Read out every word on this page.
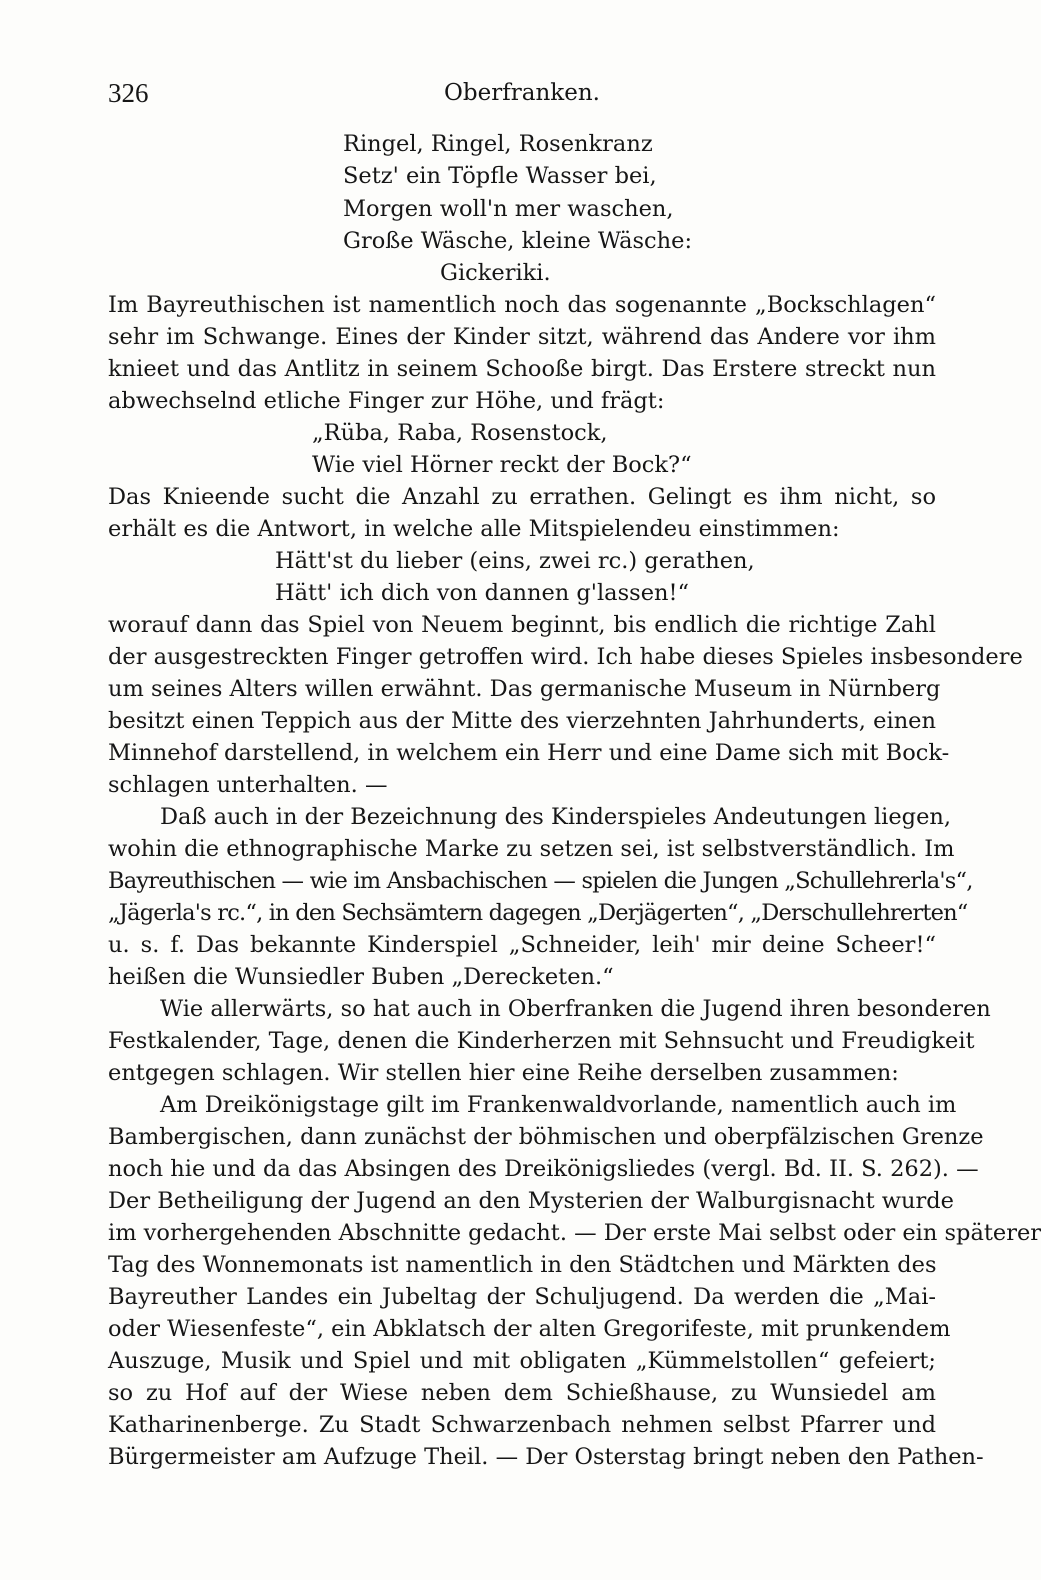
326	Oberfranken.
Ringel, Ringel, Rosenkranz
Setz' ein Töpfle Wasser bei,
Morgen woll'n mer waschen,
Große Wäsche, kleine Wäsche:
Gickeriki.
Im Bayreuthischen ist namentlich noch das sogenannte „Bockschlagen“
sehr im Schwange. Eines der Kinder sitzt, während das Andere vor ihm
knieet und das Antlitz in seinem Schooße birgt. Das Erstere streckt nun
abwechselnd etliche Finger zur Höhe, und frägt:
„Rüba, Raba, Rosenstock,
Wie viel Hörner reckt der Bock?“
Das Knieende sucht die Anzahl zu errathen. Gelingt es ihm nicht, so
erhält es die Antwort, in welche alle Mitspielendeu einstimmen:
Hätt'st du lieber (eins, zwei rc.) gerathen,
Hätt' ich dich von dannen g'lassen!“
worauf dann das Spiel von Neuem beginnt, bis endlich die richtige Zahl
der ausgestreckten Finger getroffen wird. Ich habe dieses Spieles insbesondere
um seines Alters willen erwähnt. Das germanische Museum in Nürnberg
besitzt einen Teppich aus der Mitte des vierzehnten Jahrhunderts, einen
Minnehof darstellend, in welchem ein Herr und eine Dame sich mit Bock-
schlagen unterhalten. —
Daß auch in der Bezeichnung des Kinderspieles Andeutungen liegen,
wohin die ethnographische Marke zu setzen sei, ist selbstverständlich. Im
Bayreuthischen — wie im Ansbachischen — spielen die Jungen „Schullehrerla's“,
„Jägerla's rc.“, in den Sechsämtern dagegen „Derjägerten“, „Derschullehrerten“
u. s. f. Das bekannte Kinderspiel „Schneider, leih' mir deine Scheer!“
heißen die Wunsiedler Buben „Derecketen.“
Wie allerwärts, so hat auch in Oberfranken die Jugend ihren besonderen
Festkalender, Tage, denen die Kinderherzen mit Sehnsucht und Freudigkeit
entgegen schlagen. Wir stellen hier eine Reihe derselben zusammen:
Am Dreikönigstage gilt im Frankenwaldvorlande, namentlich auch im
Bambergischen, dann zunächst der böhmischen und oberpfälzischen Grenze
noch hie und da das Absingen des Dreikönigsliedes (vergl. Bd. II. S. 262). —
Der Betheiligung der Jugend an den Mysterien der Walburgisnacht wurde
im vorhergehenden Abschnitte gedacht. — Der erste Mai selbst oder ein späterer
Tag des Wonnemonats ist namentlich in den Städtchen und Märkten des
Bayreuther Landes ein Jubeltag der Schuljugend. Da werden die „Mai-
oder Wiesenfeste“, ein Abklatsch der alten Gregorifeste, mit prunkendem
Auszuge, Musik und Spiel und mit obligaten „Kümmelstollen“ gefeiert;
so zu Hof auf der Wiese neben dem Schießhause, zu Wunsiedel am
Katharinenberge. Zu Stadt Schwarzenbach nehmen selbst Pfarrer und
Bürgermeister am Aufzuge Theil. — Der Osterstag bringt neben den Pathen-
